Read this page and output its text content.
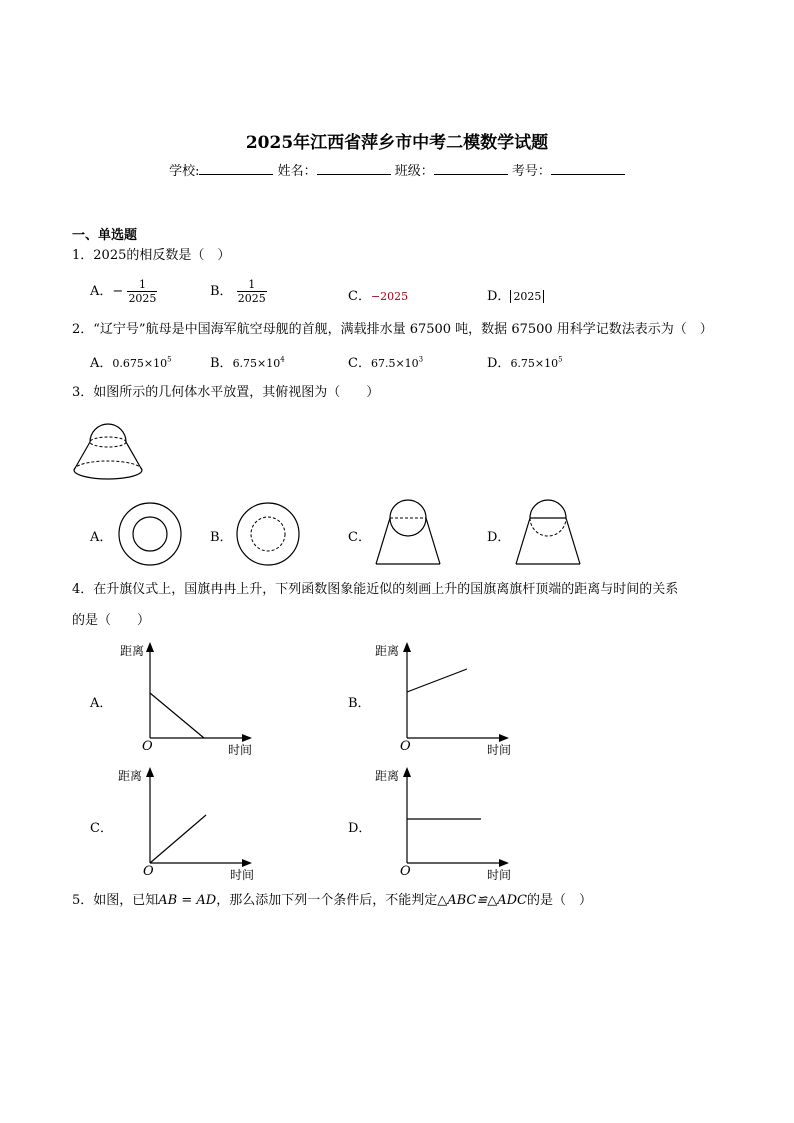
2025年江西省萍乡市中考二模数学试题
学校:	姓名：	班级：	考号：
一、单选题
1．2025的相反数是（　）
A．− $\frac{1}{2025}$	B． $\frac{1}{2025}$	C．−2025	D． 2025
2．“辽宁号”航母是中国海军航空母舰的首舰，满载排水量 67500 吨，数据 67500 用科学记数法表示为（　）
A．$0.675\times 10^5$	B．$6.75\times 10^4$	C．$67.5\times 10^3$	D．$6.75\times 10^5$
3．如图所示的几何体水平放置，其俯视图为（　　）
A．	B．	C．	D．
4．在升旗仪式上，国旗冉冉上升，下列函数图象能近似的刻画上升的国旗离旗杆顶端的距离与时间的关系
的是（　　）
A．
距离
时间
O
B．
距离
时间
O
C．
距离
时间
O
D．
距离
时间
O
5．如图，已知AB = AD，那么添加下列一个条件后，不能判定△ABC≌△ADC的是（　）
